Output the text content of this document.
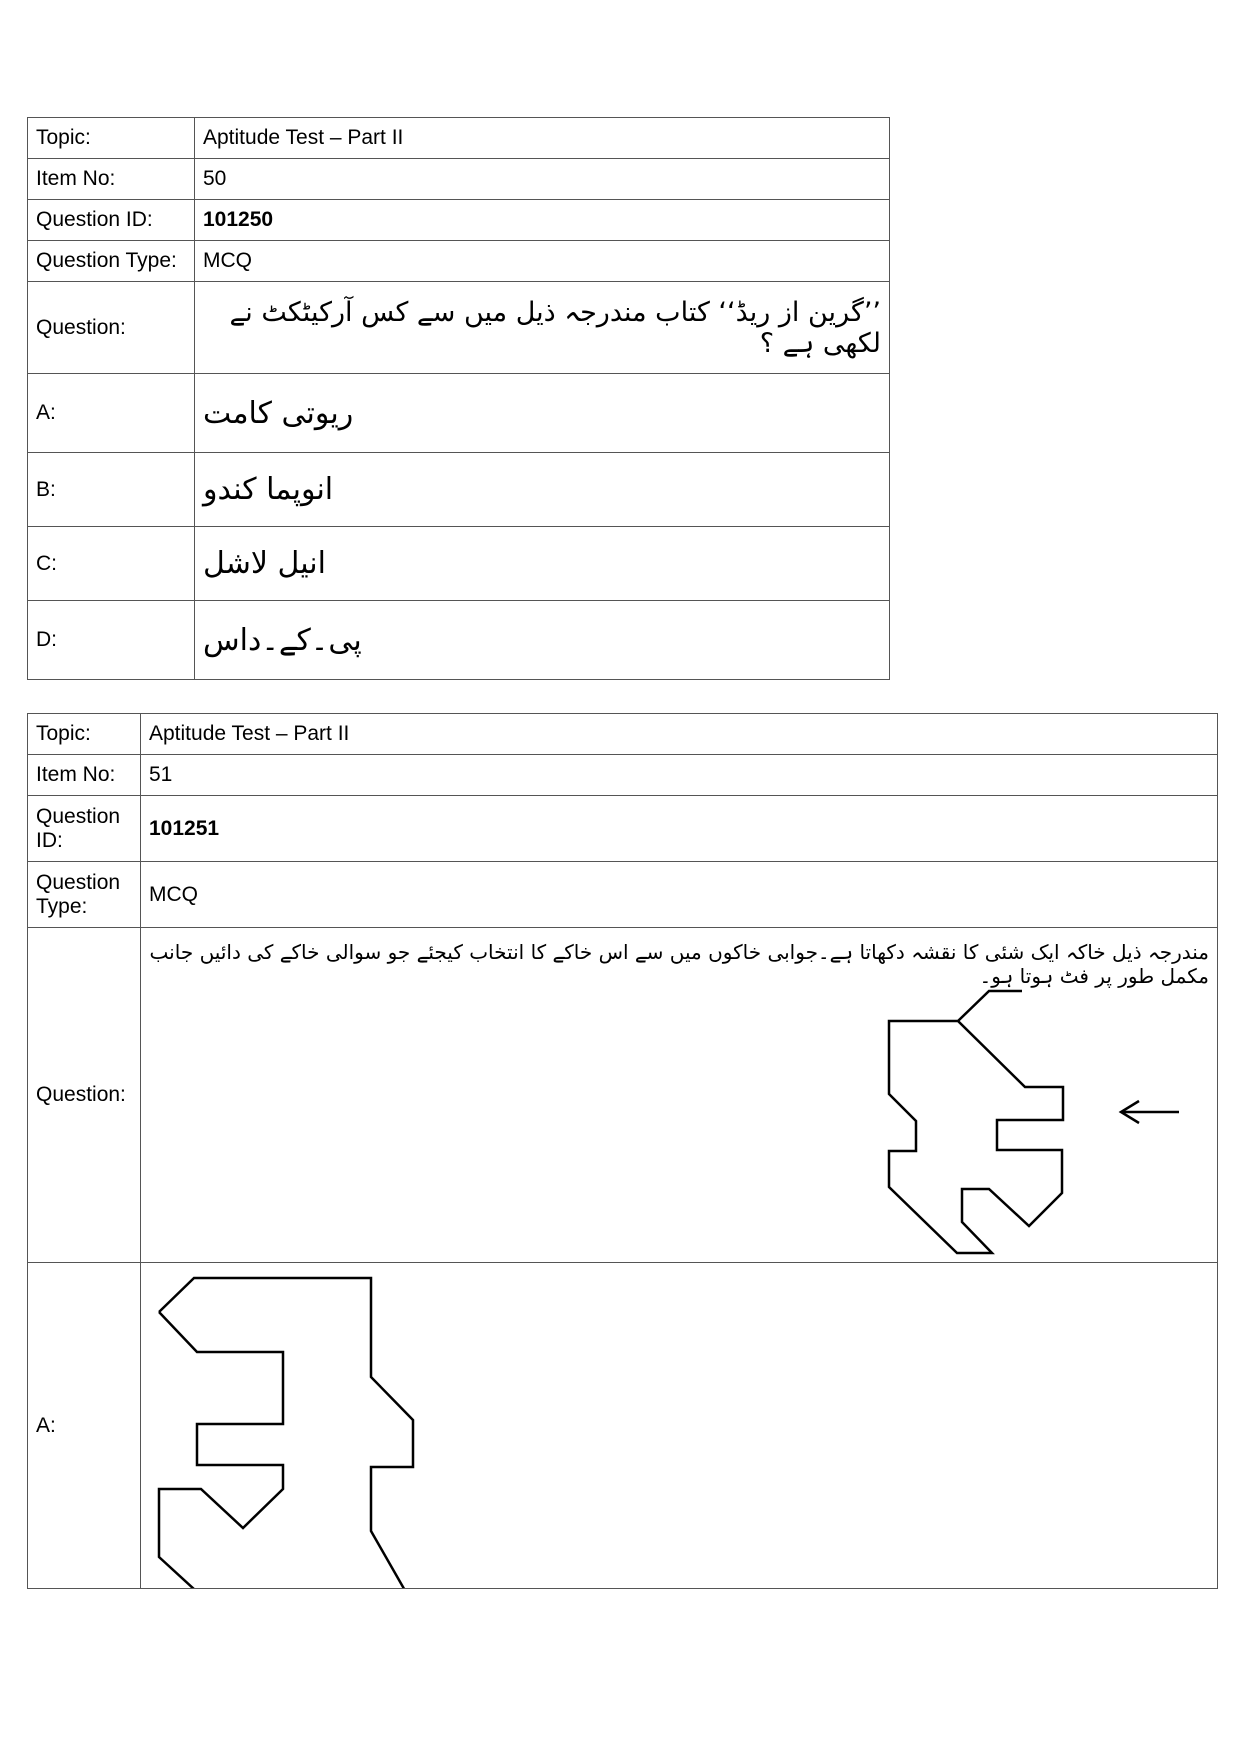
Topic:	Aptitude Test – Part II
Item No:	50
Question ID:	101250
Question Type:	MCQ
Question:	’’گرین از ریڈ‘‘ کتاب مندرجہ ذیل میں سے کس آرکیٹکٹ نے لکھی ہے ؟
A:	ریوتی کامت
B:	انوپما کندو
C:	انیل لاشل
D:	پی۔کے۔داس
Topic:	Aptitude Test – Part II
Item No:	51
Question ID:	101251
Question Type:	MCQ
Question:	مندرجہ ذیل خاکہ ایک شئی کا نقشہ دکھاتا ہے۔جوابی خاکوں میں سے اس خاکے کا انتخاب کیجئے جو سوالی خاکے کی دائیں جانب مکمل طور پر فٹ ہوتا ہو۔

A:	
